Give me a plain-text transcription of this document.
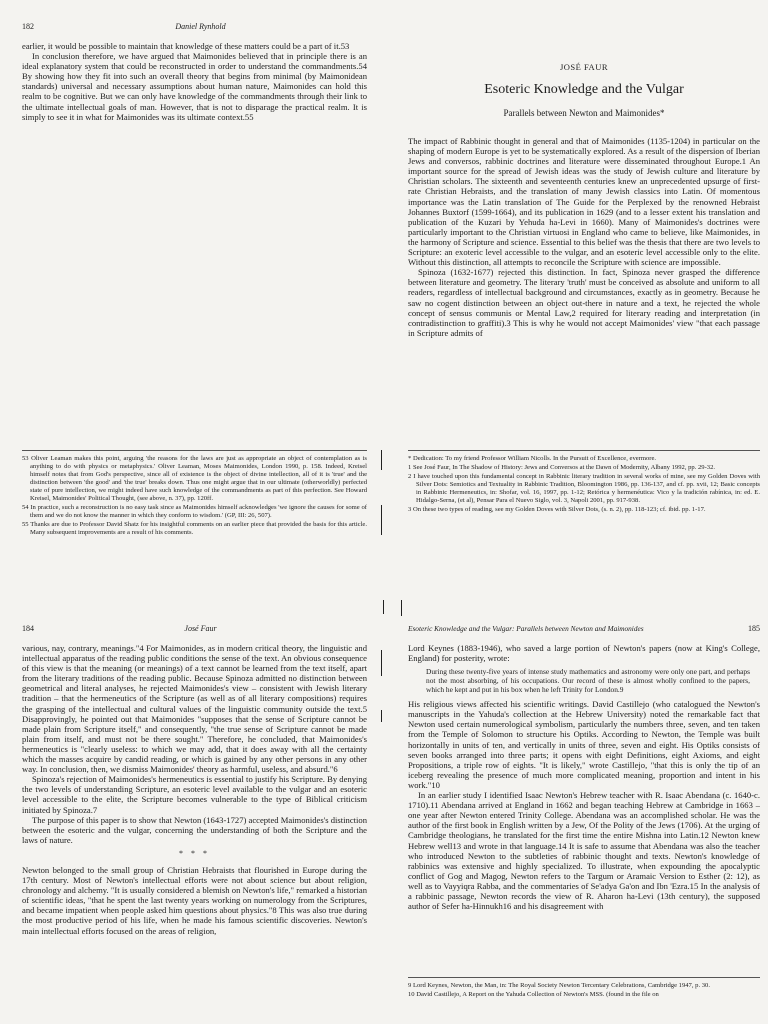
182	Daniel Rynhold

earlier, it would be possible to maintain that knowledge of these matters could be a part of it.53

In conclusion therefore, we have argued that Maimonides believed that in principle there is an ideal explanatory system that could be reconstructed in order to understand the commandments.54 By showing how they fit into such an overall theory that begins from minimal (by Maimonidean standards) universal and necessary assumptions about human nature, Maimonides can hold this realm to be cognitive. But we can only have knowledge of the commandments through their link to the ultimate intellectual goals of man. However, that is not to disparage the practical realm. It is simply to see it in what for Maimonides was its ultimate context.55

53 Oliver Leaman makes this point, arguing 'the reasons for the laws are just as appropriate an object of contemplation as is anything to do with physics or metaphysics.' Oliver Leaman, Moses Maimonides, London 1990, p. 158. Indeed, Kreisel himself notes that from God's perspective, since all of existence is the object of divine intellection, all of it is 'true' and the distinction between 'the good' and 'the true' breaks down. Thus one might argue that in our ultimate (otherworldly) perfected state of pure intellection, we might indeed have such knowledge of the commandments as part of this perfection. See Howard Kreisel, Maimonides' Political Thought, (see above, n. 37), pp. 120ff.

54 In practice, such a reconstruction is no easy task since as Maimonides himself acknowledges 'we ignore the causes for some of them and we do not know the manner in which they conform to wisdom.' (GP, III: 26, 507).

55 Thanks are due to Professor David Shatz for his insightful comments on an earlier piece that provided the basis for this article. Many subsequent improvements are a result of his comments.

JOSÉ FAUR
Esoteric Knowledge and the Vulgar
Parallels between Newton and Maimonides*

The impact of Rabbinic thought in general and that of Maimonides (1135-1204) in particular on the shaping of modern Europe is yet to be systematically explored. As a result of the dispersion of Iberian Jews and conversos, rabbinic doctrines and literature were disseminated throughout Europe.1 An important source for the spread of Jewish ideas was the study of Jewish culture and literature by Christian scholars. The sixteenth and seventeenth centuries knew an unprecedented upsurge of first-rate Christian Hebraists, and the translation of many Jewish classics into Latin. Of momentous importance was the Latin translation of The Guide for the Perplexed by the renowned Hebraist Johannes Buxtorf (1599-1664), and its publication in 1629 (and to a lesser extent his translation and publication of the Kuzari by Yehuda ha-Levi in 1660). Many of Maimonides's doctrines were particularly important to the Christian virtuosi in England who came to believe, like Maimonides, in the harmony of Scripture and science. Essential to this belief was the thesis that there are two levels to Scripture: an exoteric level accessible to the vulgar, and an esoteric level accessible only to the elite. Without this distinction, all attempts to reconcile the Scripture with science are impossible.

Spinoza (1632-1677) rejected this distinction. In fact, Spinoza never grasped the difference between literature and geometry. The literary 'truth' must be conceived as absolute and uniform to all readers, regardless of intellectual background and circumstances, exactly as in geometry. Because he saw no cogent distinction between an object out-there in nature and a text, he rejected the whole concept of sensus communis or Mental Law,2 required for literary reading and interpretation (in contradistinction to graffiti).3 This is why he would not accept Maimonides' view "that each passage in Scripture admits of

* Dedication: To my friend Professor William Nicolls. In the Pursuit of Excellence, evermore.

1 See José Faur, In The Shadow of History: Jews and Conversos at the Dawn of Modernity, Albany 1992, pp. 29-32.

2 I have touched upon this fundamental concept in Rabbinic literary tradition in several works of mine, see my Golden Doves with Silver Dots: Semiotics and Textuality in Rabbinic Tradition, Bloomington 1986, pp. 136-137, and cf. pp. xvii, 12; Basic concepts in Rabbinic Hermeneutics, in: Shofar, vol. 16, 1997, pp. 1-12; Retórica y hermenéutica: Vico y la tradición rabínica, in: ed. E. Hidalgo-Serna, (et al), Pensar Para el Nuevo Siglo, vol. 3, Napoli 2001, pp. 917-938.

3 On these two types of reading, see my Golden Doves with Silver Dots, (s. n. 2), pp. 118-123; cf. ibid. pp. 1-17.

184	José Faur

various, nay, contrary, meanings."4 For Maimonides, as in modern critical theory, the linguistic and intellectual apparatus of the reading public conditions the sense of the text. An obvious consequence of this view is that the meaning (or meanings) of a text cannot be learned from the text itself, apart from the literary traditions of the reading public. Because Spinoza admitted no distinction between geometrical and literal analyses, he rejected Maimonides's view – consistent with Jewish literary tradition – that the hermeneutics of the Scripture (as well as of all literary compositions) requires the grasping of the intellectual and cultural values of the linguistic community outside the text.5 Disapprovingly, he pointed out that Maimonides "supposes that the sense of Scripture cannot be made plain from Scripture itself," and consequently, "the true sense of Scripture cannot be made plain from itself, and must not be there sought." Therefore, he concluded, that Maimonides's hermeneutics is "clearly useless: to which we may add, that it does away with all the certainty which the masses acquire by candid reading, or which is gained by any other persons in any other way. In conclusion, then, we dismiss Maimonides' theory as harmful, useless, and absurd."6

Spinoza's rejection of Maimonides's hermeneutics is essential to justify his Scripture. By denying the two levels of understanding Scripture, an esoteric level available to the vulgar and an esoteric level accessible to the elite, the Scripture becomes vulnerable to the type of Biblical criticism initiated by Spinoza.7

The purpose of this paper is to show that Newton (1643-1727) accepted Maimonides's distinction between the esoteric and the vulgar, concerning the understanding of both the Scripture and the laws of nature.

* * *

Newton belonged to the small group of Christian Hebraists that flourished in Europe during the 17th century. Most of Newton's intellectual efforts were not about science but about religion, chronology and alchemy. "It is usually considered a blemish on Newton's life," remarked a historian of scientific ideas, "that he spent the last twenty years working on numerology from the Scriptures, and became impatient when people asked him questions about physics."8 This was also true during the most productive period of his life, when he made his famous scientific discoveries. Newton's main intellectual efforts focused on the areas of religion,

Esoteric Knowledge and the Vulgar: Parallels between Newton and Maimonides	185

Lord Keynes (1883-1946), who saved a large portion of Newton's papers (now at King's College, England) for posterity, wrote:

During these twenty-five years of intense study mathematics and astronomy were only one part, and perhaps not the most absorbing, of his occupations. Our record of these is almost wholly confined to the papers, which he kept and put in his box when he left Trinity for London.9

His religious views affected his scientific writings. David Castillejo (who catalogued the Newton's manuscripts in the Yahuda's collection at the Hebrew University) noted the remarkable fact that Newton used certain numerological symbolism, particularly the numbers three, seven, and ten taken from the Temple of Solomon to structure his Optiks. According to Newton, the Temple was built horizontally in units of ten, and vertically in units of three, seven and eight. His Optiks consists of seven books arranged into three parts; it opens with eight Definitions, eight Axioms, and eight Propositions, a triple row of eights. "It is likely," wrote Castillejo, "that this is only the tip of an iceberg revealing the presence of much more complicated meaning, proportion and intent in his work."10

In an earlier study I identified Isaac Newton's Hebrew teacher with R. Isaac Abendana (c. 1640-c. 1710).11 Abendana arrived at England in 1662 and began teaching Hebrew at Cambridge in 1663 – one year after Newton entered Trinity College. Abendana was an accomplished scholar. He was the author of the first book in English written by a Jew, Of the Polity of the Jews (1706). At the urging of Cambridge theologians, he translated for the first time the entire Mishna into Latin.12 Newton knew Hebrew well13 and wrote in that language.14 It is safe to assume that Abendana was also the teacher who introduced Newton to the subtleties of rabbinic thought and texts. Newton's knowledge of rabbinics was extensive and highly specialized. To illustrate, when expounding the apocalyptic conflict of Gog and Magog, Newton refers to the Targum or Aramaic Version to Esther (2: 12), as well as to Vayyiqra Rabba, and the commentaries of Se'adya Ga'on and Ibn 'Ezra.15 In the analysis of a rabbinic passage, Newton records the view of R. Aharon ha-Levi (13th century), the supposed author of Sefer ha-Hinnukh16 and his disagreement with

9 Lord Keynes, Newton, the Man, in: The Royal Society Newton Tercentary Celebrations, Cambridge 1947, p. 30.

10 David Castillejo, A Report on the Yahuda Collection of Newton's MSS. (found in the file on
